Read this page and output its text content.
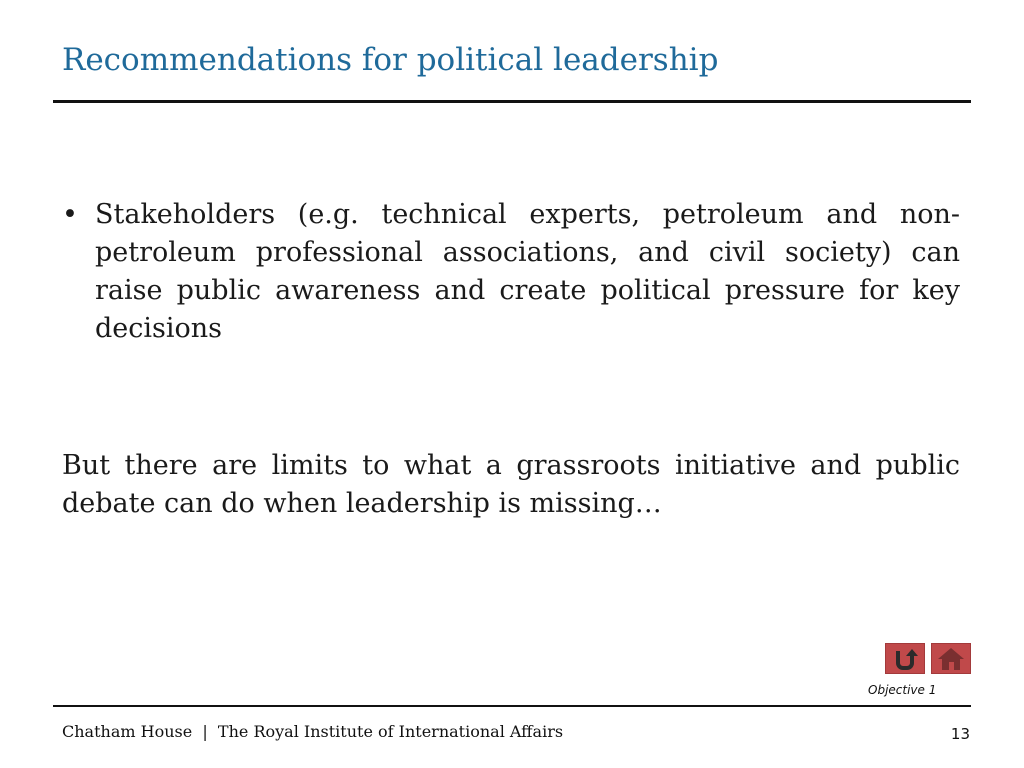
Recommendations for political leadership
• Stakeholders (e.g. technical experts, petroleum and non-petroleum professional associations, and civil society) can raise public awareness and create political pressure for key decisions
But there are limits to what a grassroots initiative and public debate can do when leadership is missing…
Objective 1
Chatham House  |  The Royal Institute of International Affairs	13
